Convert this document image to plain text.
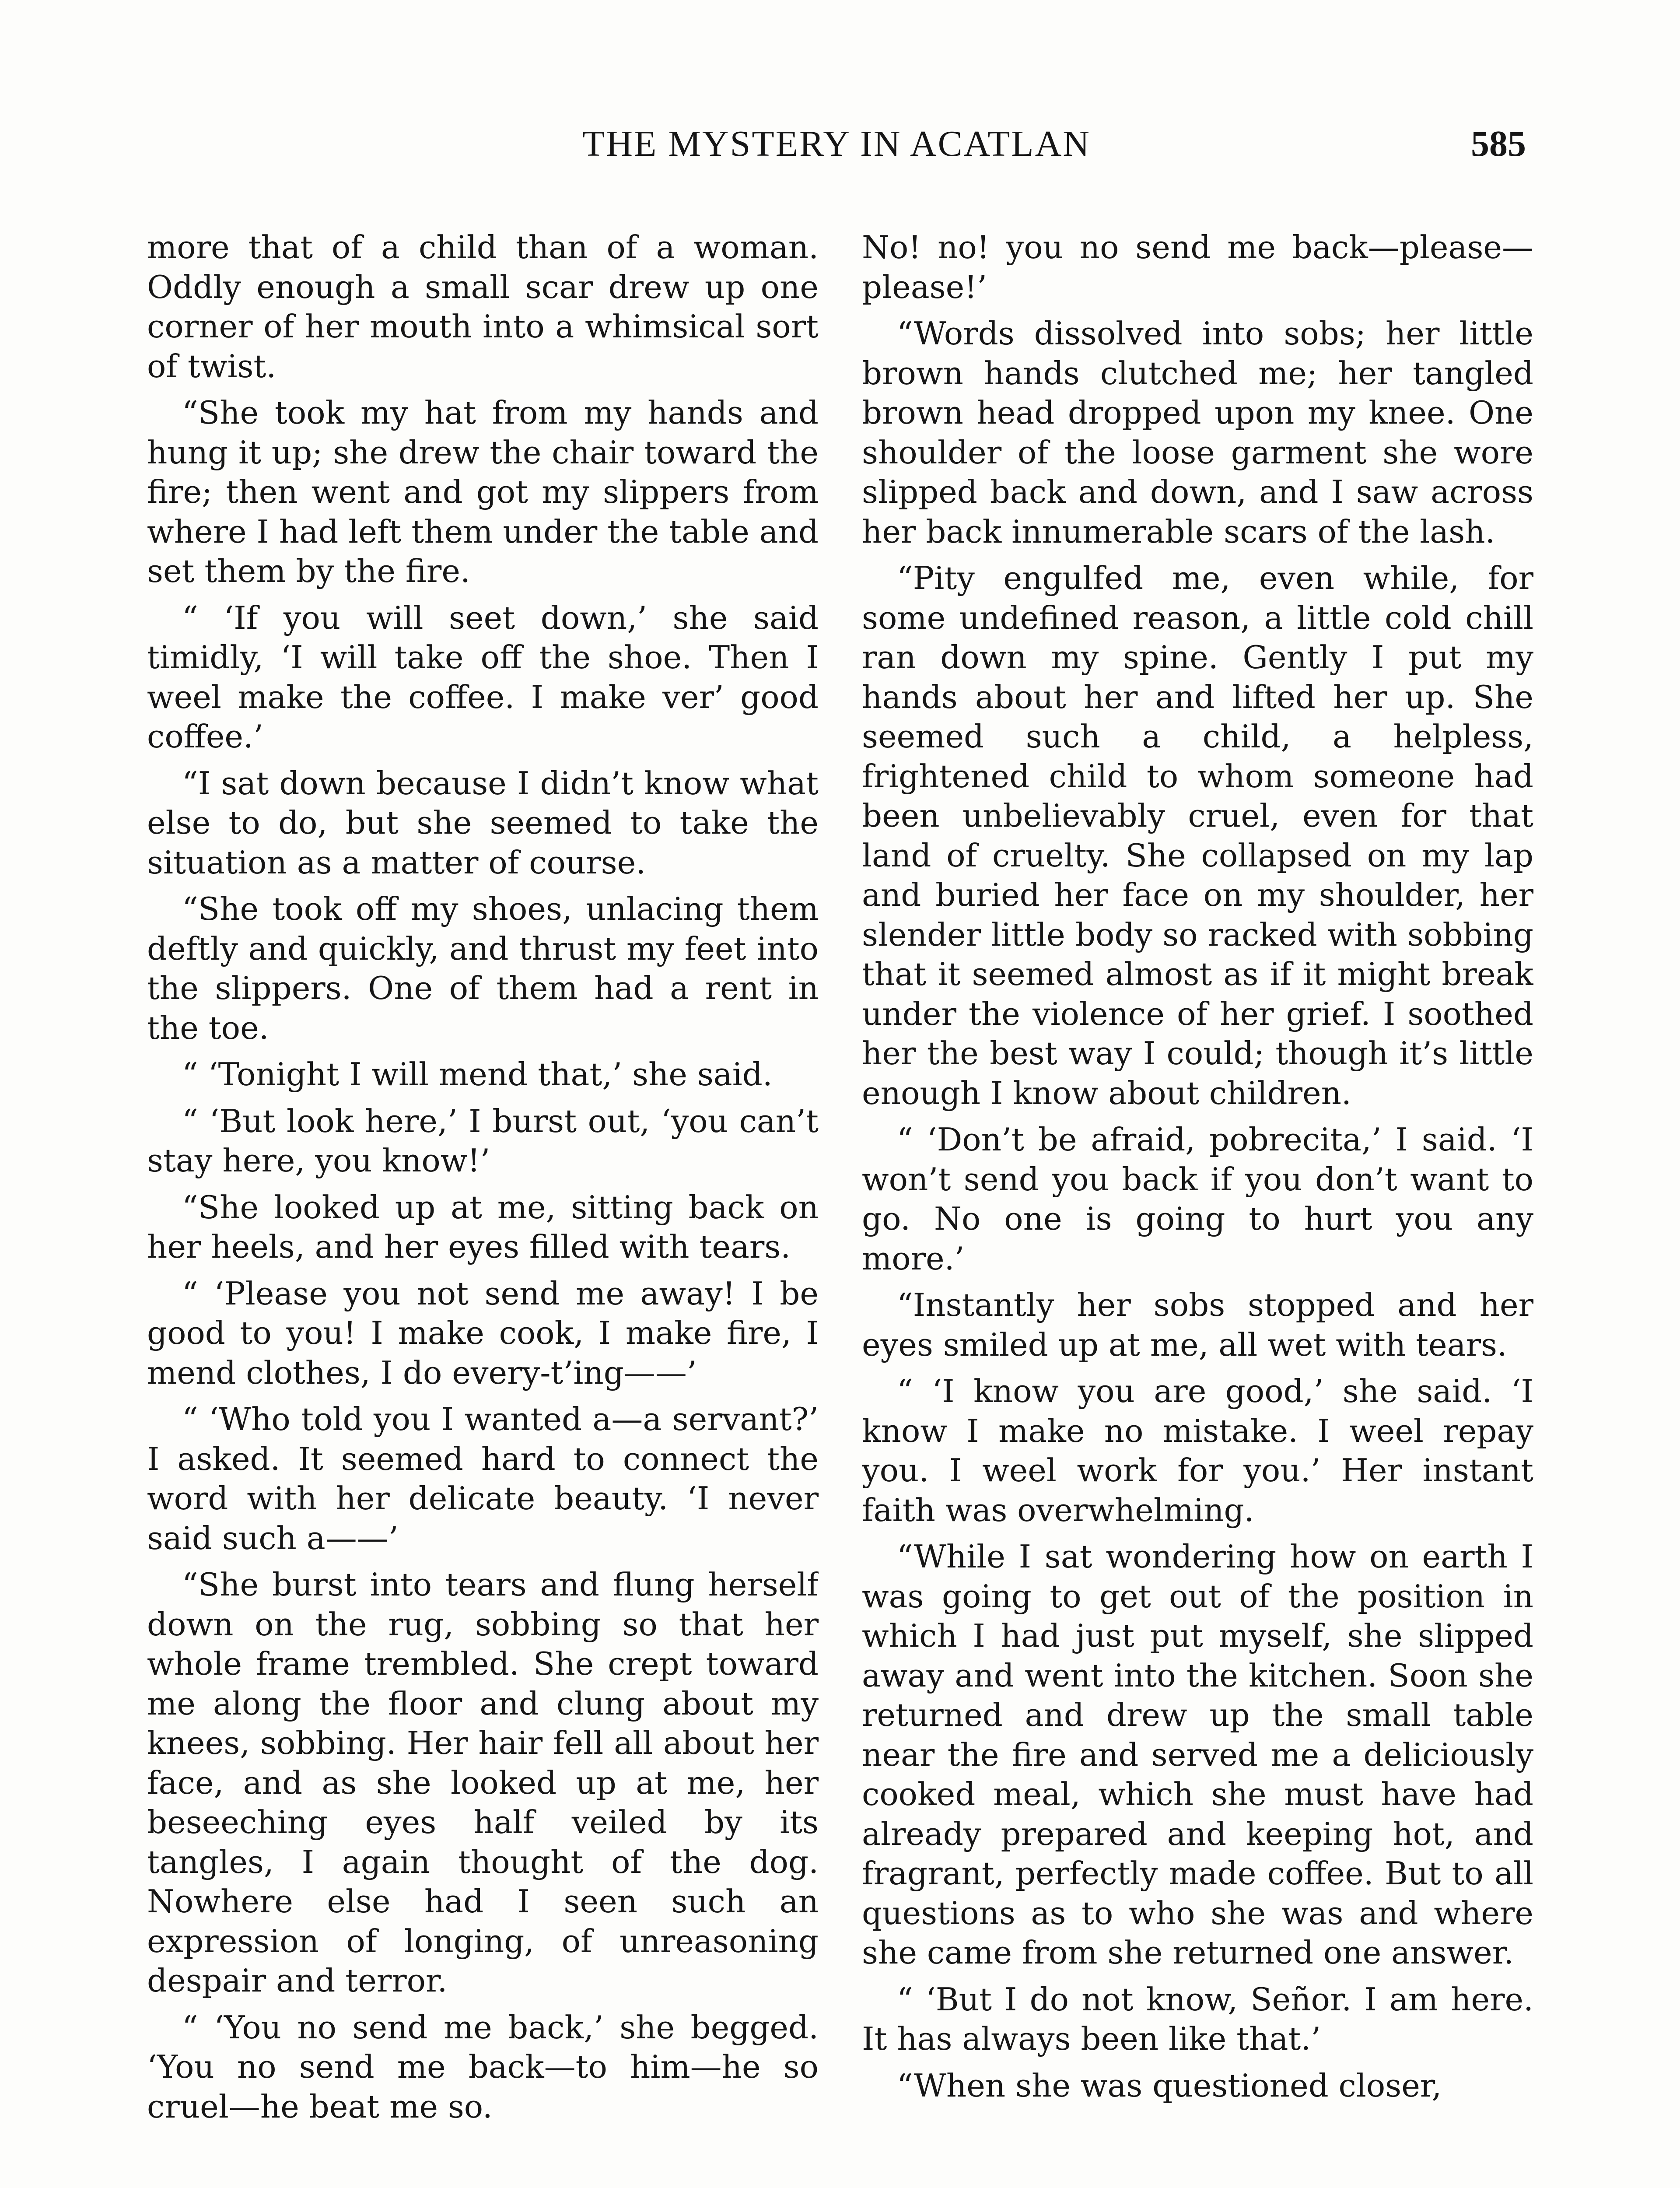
THE MYSTERY IN ACATLAN	585

more that of a child than of a woman. Oddly enough a small scar drew up one corner of her mouth into a whimsical sort of twist.

“She took my hat from my hands and hung it up; she drew the chair toward the fire; then went and got my slippers from where I had left them under the table and set them by the fire.

“ ‘If you will seet down,’ she said timidly, ‘I will take off the shoe. Then I weel make the coffee. I make ver’ good coffee.’

“I sat down because I didn’t know what else to do, but she seemed to take the situation as a matter of course.

“She took off my shoes, unlacing them deftly and quickly, and thrust my feet into the slippers. One of them had a rent in the toe.

“ ‘Tonight I will mend that,’ she said.

“ ‘But look here,’ I burst out, ‘you can’t stay here, you know!’

“She looked up at me, sitting back on her heels, and her eyes filled with tears.

“ ‘Please you not send me away! I be good to you! I make cook, I make fire, I mend clothes, I do every-t’ing——’

“ ‘Who told you I wanted a—a servant?’ I asked. It seemed hard to connect the word with her delicate beauty. ‘I never said such a——’

“She burst into tears and flung herself down on the rug, sobbing so that her whole frame trembled. She crept toward me along the floor and clung about my knees, sobbing. Her hair fell all about her face, and as she looked up at me, her beseeching eyes half veiled by its tangles, I again thought of the dog. Nowhere else had I seen such an expression of longing, of unreasoning despair and terror.

“ ‘You no send me back,’ she begged. ‘You no send me back—to him—he so cruel—he beat me so.

No! no! you no send me back—please—please!’

“Words dissolved into sobs; her little brown hands clutched me; her tangled brown head dropped upon my knee. One shoulder of the loose garment she wore slipped back and down, and I saw across her back innumerable scars of the lash.

“Pity engulfed me, even while, for some undefined reason, a little cold chill ran down my spine. Gently I put my hands about her and lifted her up. She seemed such a child, a helpless, frightened child to whom someone had been unbelievably cruel, even for that land of cruelty. She collapsed on my lap and buried her face on my shoulder, her slender little body so racked with sobbing that it seemed almost as if it might break under the violence of her grief. I soothed her the best way I could; though it’s little enough I know about children.

“ ‘Don’t be afraid, pobrecita,’ I said. ‘I won’t send you back if you don’t want to go. No one is going to hurt you any more.’

“Instantly her sobs stopped and her eyes smiled up at me, all wet with tears.

“ ‘I know you are good,’ she said. ‘I know I make no mistake. I weel repay you. I weel work for you.’ Her instant faith was overwhelming.

“While I sat wondering how on earth I was going to get out of the position in which I had just put myself, she slipped away and went into the kitchen. Soon she returned and drew up the small table near the fire and served me a deliciously cooked meal, which she must have had already prepared and keeping hot, and fragrant, perfectly made coffee. But to all questions as to who she was and where she came from she returned one answer.

“ ‘But I do not know, Señor. I am here. It has always been like that.’

“When she was questioned closer,
